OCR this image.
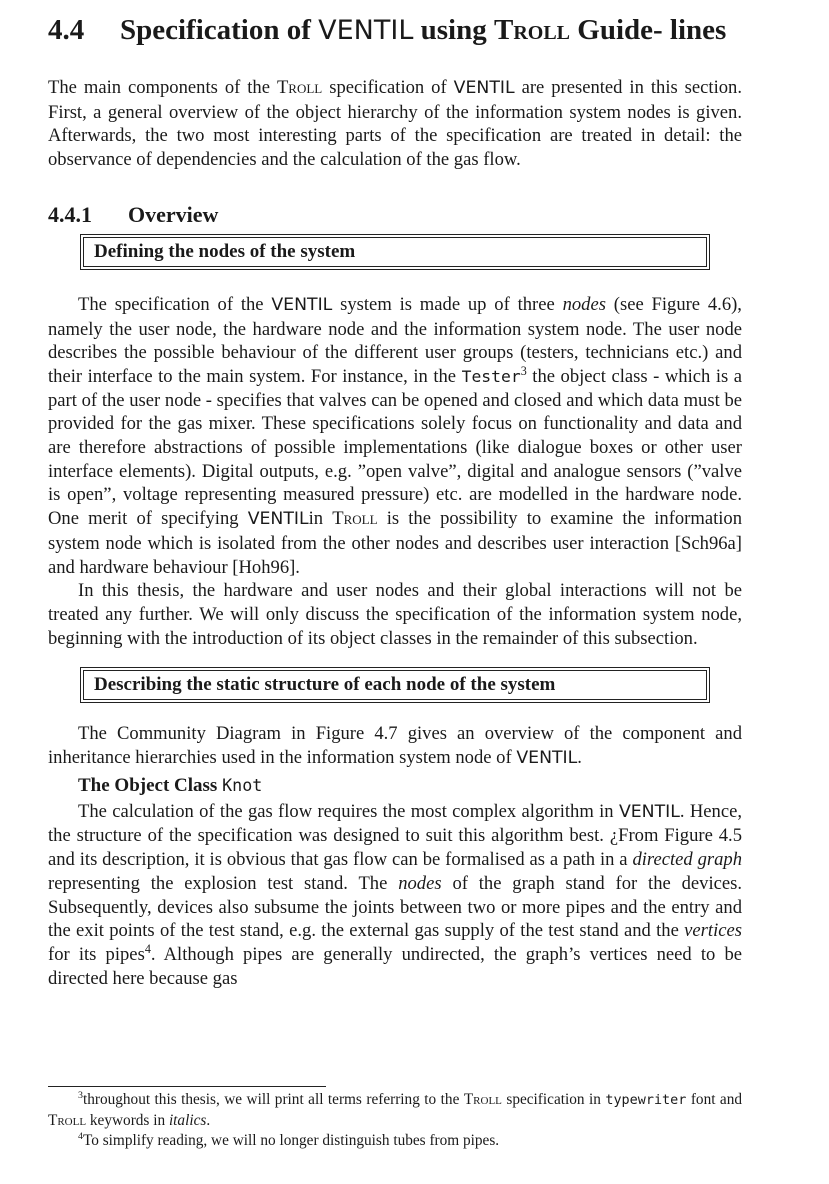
4.4	Specification of VENTIL using Troll Guide- lines

The main components of the Troll specification of VENTIL are presented in this section. First, a general overview of the object hierarchy of the information system nodes is given. Afterwards, the two most interesting parts of the specification are treated in detail: the observance of dependencies and the calculation of the gas flow.

4.4.1	Overview
Defining the nodes of the system

The specification of the VENTIL system is made up of three nodes (see Figure 4.6), namely the user node, the hardware node and the information system node. The user node describes the possible behaviour of the different user groups (testers, technicians etc.) and their interface to the main system. For instance, in the Tester$^3$ the object class - which is a part of the user node - specifies that valves can be opened and closed and which data must be provided for the gas mixer. These specifications solely focus on functionality and data and are therefore abstractions of possible implementations (like dialogue boxes or other user interface elements). Digital outputs, e.g. ”open valve”, digital and analogue sensors (”valve is open”, voltage representing measured pressure) etc. are modelled in the hardware node. One merit of specifying VENTILin Troll is the possibility to examine the information system node which is isolated from the other nodes and describes user interaction [Sch96a] and hardware behaviour [Hoh96].

In this thesis, the hardware and user nodes and their global interactions will not be treated any further. We will only discuss the specification of the information system node, beginning with the introduction of its object classes in the remainder of this subsection.

Describing the static structure of each node of the system

The Community Diagram in Figure 4.7 gives an overview of the component and inheritance hierarchies used in the information system node of VENTIL.

The Object Class Knot

The calculation of the gas flow requires the most complex algorithm in VENTIL. Hence, the structure of the specification was designed to suit this algorithm best. ¿From Figure 4.5 and its description, it is obvious that gas flow can be formalised as a path in a directed graph representing the explosion test stand. The nodes of the graph stand for the devices. Subsequently, devices also subsume the joints between two or more pipes and the entry and the exit points of the test stand, e.g. the external gas supply of the test stand and the vertices for its pipes$^4$. Although pipes are generally undirected, the graph’s vertices need to be directed here because gas

$^3$throughout this thesis, we will print all terms referring to the Troll specification in typewriter font and Troll keywords in italics.

$^4$To simplify reading, we will no longer distinguish tubes from pipes.
